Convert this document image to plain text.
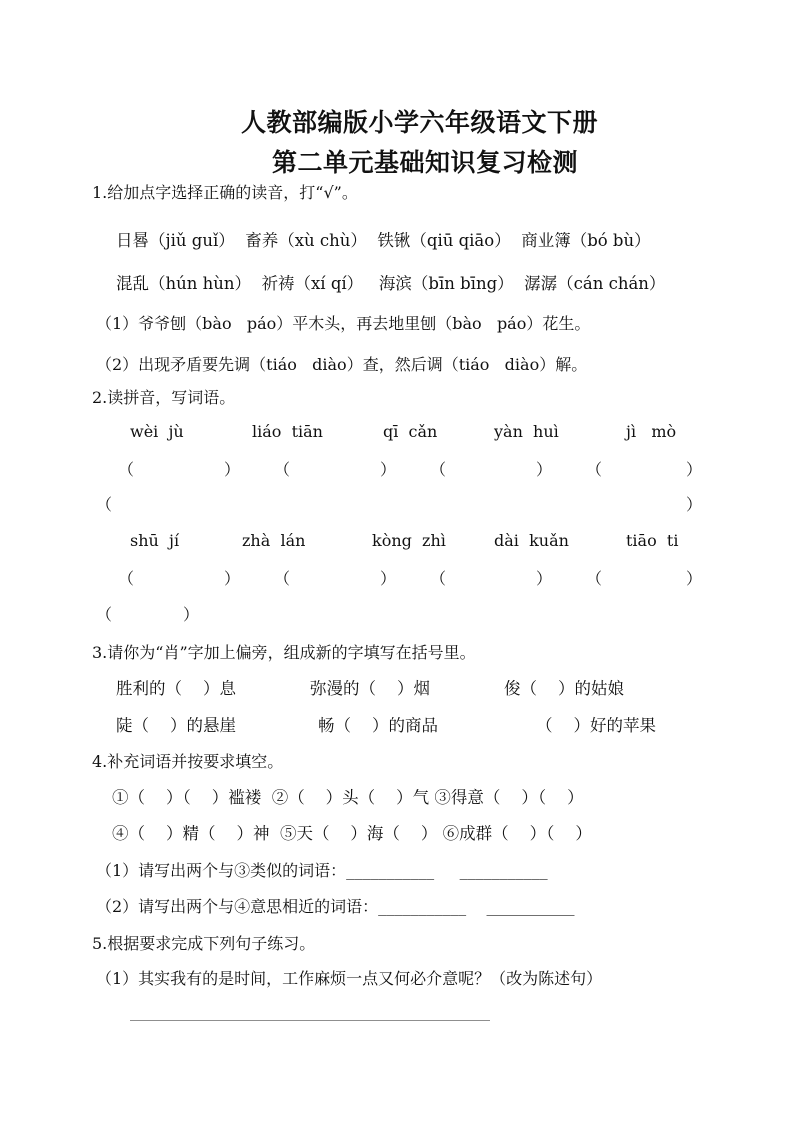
人教部编版小学六年级语文下册
第二单元基础知识复习检测
1.给加点字选择正确的读音，打“√”。
日晷（jiǔ guǐ）  畜养（xù chù）  铁锹（qiū qiāo）  商业簿（bó bù）
混乱（hún hùn）  祈祷（xí qí）   海滨（bīn bīng）  潺潺（cán chán）
（1）爷爷刨（bào   páo）平木头，再去地里刨（bào   páo）花生。
（2）出现矛盾要先调（tiáo   diào）查，然后调（tiáo   diào）解。
2.读拼音，写词语。
wèi  jù	liáo  tiān	qī  cǎn	yàn  huì	jì   mò
（	） （	） （	） （	）
（	）
shū  jí	zhà  lán	kòng  zhì	dài  kuǎn	tiāo  ti
（	） （	） （	） （	）
（	）
3.请你为“肖”字加上偏旁，组成新的字填写在括号里。
胜利的（    ）息	弥漫的（    ）烟	俊（    ）的姑娘
陡（    ）的悬崖	畅（    ）的商品	（    ）好的苹果
4.补充词语并按要求填空。
①（    ）（    ）褴褛  ②（    ）头（    ）气 ③得意（    ）（    ）
④（    ）精（    ）神  ⑤天（    ）海（    ） ⑥成群（    ）（    ）
（1）请写出两个与③类似的词语：___________     ___________
（2）请写出两个与④意思相近的词语：___________    ___________
5.根据要求完成下列句子练习。
（1）其实我有的是时间，工作麻烦一点又何必介意呢？（改为陈述句）
____________________________________________________________
